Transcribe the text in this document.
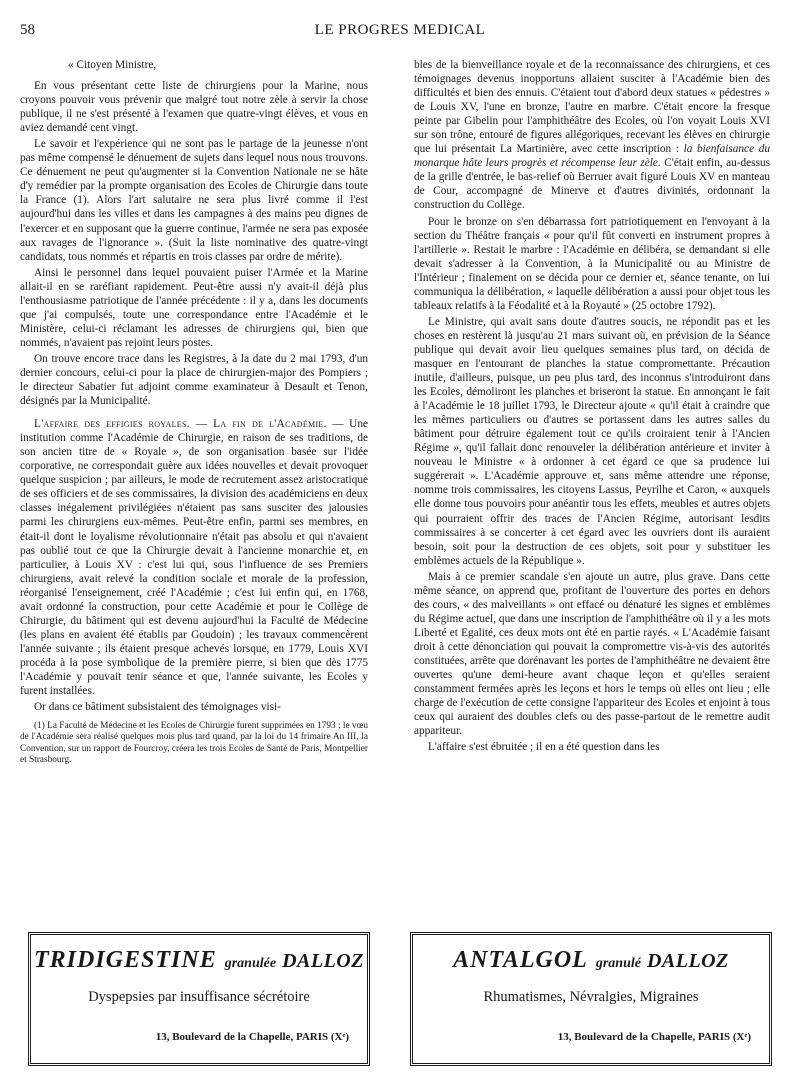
58	LE PROGRES MEDICAL

« Citoyen Ministre,

En vous présentant cette liste de chirurgiens pour la Marine, nous croyons pouvoir vous prévenir que malgré tout notre zèle à servir la chose publique, il ne s'est présenté à l'examen que quatre-vingt élèves, et vous en aviez demandé cent vingt.

Le savoir et l'expérience qui ne sont pas le partage de la jeunesse n'ont pas même compensé le dénuement de sujets dans lequel nous nous trouvons. Ce dénuement ne peut qu'augmenter si la Convention Nationale ne se hâte d'y remédier par la prompte organisation des Ecoles de Chirurgie dans toute la France (1). Alors l'art salutaire ne sera plus livré comme il l'est aujourd'hui dans les villes et dans les campagnes à des mains peu dignes de l'exercer et en supposant que la guerre continue, l'armée ne sera pas exposée aux ravages de l'ignorance ». (Suit la liste nominative des quatre-vingt candidats, tous nommés et répartis en trois classes par ordre de mérite).

Ainsi le personnel dans lequel pouvaient puiser l'Armée et la Marine allait-il en se raréfiant rapidement. Peut-être aussi n'y avait-il déjà plus l'enthousiasme patriotique de l'année précédente : il y a, dans les documents que j'ai compulsés, toute une correspondance entre l'Académie et le Ministère, celui-ci réclamant les adresses de chirurgiens qui, bien que nommés, n'avaient pas rejoint leurs postes.

On trouve encore trace dans les Registres, à la date du 2 mai 1793, d'un dernier concours, celui-ci pour la place de chirurgien-major des Pompiers ; le directeur Sabatier fut adjoint comme examinateur à Desault et Tenon, désignés par la Municipalité.

L'affaire des effigies royales. — La fin de l'Académie. — Une institution comme l'Académie de Chirurgie, en raison de ses traditions, de son ancien titre de « Royale », de son organisation basée sur l'idée corporative, ne correspondait guère aux idées nouvelles et devait provoquer quelque suspicion ; par ailleurs, le mode de recrutement assez aristocratique de ses officiers et de ses commissaires, la division des académiciens en deux classes inégalement privilégiées n'étaient pas sans susciter des jalousies parmi les chirurgiens eux-mêmes. Peut-être enfin, parmi ses membres, en était-il dont le loyalisme révolutionnaire n'était pas absolu et qui n'avaient pas oublié tout ce que la Chirurgie devait à l'ancienne monarchie et, en particulier, à Louis XV : c'est lui qui, sous l'influence de ses Premiers chirurgiens, avait relevé la condition sociale et morale de la profession, réorganisé l'enseignement, créé l'Académie ; c'est lui enfin qui, en 1768, avait ordonné la construction, pour cette Académie et pour le Collège de Chirurgie, du bâtiment qui est devenu aujourd'hui la Faculté de Médecine (les plans en avaient été établis par Goudoin) ; les travaux commencèrent l'année suivante ; ils étaient presque achevés lorsque, en 1779, Louis XVI procéda à la pose symbolique de la première pierre, si bien que dès 1775 l'Académie y pouvait tenir séance et que, l'année suivante, les Ecoles y furent installées.

Or dans ce bâtiment subsistaient des témoignages visi-

(1) La Faculté de Médecine et les Ecoles de Chirurgie furent supprimées en 1793 ; le vœu de l'Académie sera réalisé quelques mois plus tard quand, par la loi du 14 frimaire An III, la Convention, sur un rapport de Fourcroy, créera les trois Ecoles de Santé de Paris, Montpellier et Strasbourg.

bles de la bienveillance royale et de la reconnaissance des chirurgiens, et ces témoignages devenus inopportuns allaient susciter à l'Académie bien des difficultés et bien des ennuis. C'étaient tout d'abord deux statues « pédestres » de Louis XV, l'une en bronze, l'autre en marbre. C'était encore la fresque peinte par Gibelin pour l'amphithéâtre des Ecoles, où l'on voyait Louis XVI sur son trône, entouré de figures allégoriques, recevant les élèves en chirurgie que lui présentait La Martinière, avec cette inscription : la bienfaisance du monarque hâte leurs progrès et récompense leur zèle. C'était enfin, au-dessus de la grille d'entrée, le bas-relief où Berruer avait figuré Louis XV en manteau de Cour, accompagné de Minerve et d'autres divinités, ordonnant la construction du Collège.

Pour le bronze on s'en débarrassa fort patriotiquement en l'envoyant à la section du Théâtre français « pour qu'il fût converti en instrument propres à l'artillerie ». Restait le marbre : l'Académie en délibéra, se demandant si elle devait s'adresser à la Convention, à la Municipalité ou au Ministre de l'Intérieur ; finalement on se décida pour ce dernier et, séance tenante, on lui communiqua la délibération, « laquelle délibération a aussi pour objet tous les tableaux relatifs à la Féodalité et à la Royauté » (25 octobre 1792).

Le Ministre, qui avait sans doute d'autres soucis, ne répondit pas et les choses en restèrent là jusqu'au 21 mars suivant où, en prévision de la Séance publique qui devait avoir lieu quelques semaines plus tard, on décida de masquer en l'entourant de planches la statue compromettante. Précaution inutile, d'ailleurs, puisque, un peu plus tard, des inconnus s'introduiront dans les Ecoles, démoliront les planches et briseront la statue. En annonçant le fait à l'Académie le 18 juillet 1793, le Directeur ajoute « qu'il était à craindre que les mêmes particuliers ou d'autres se portassent dans les autres salles du bâtiment pour détruire également tout ce qu'ils croiraient tenir à l'Ancien Régime », qu'il fallait donc renouveler la délibération antérieure et inviter à nouveau le Ministre « à ordonner à cet égard ce que sa prudence lui suggérerait ». L'Académie approuve et, sans même attendre une réponse, nomme trois commissaires, les citoyens Lassus, Peyrilhe et Caron, « auxquels elle donne tous pouvoirs pour anéantir tous les effets, meubles et autres objets qui pourraient offrir des traces de l'Ancien Régime, autorisant lesdits commissaires à se concerter à cet égard avec les ouvriers dont ils auraient besoin, soit pour la destruction de ces objets, soit pour y substituer les emblèmes actuels de la République ».

Mais à ce premier scandale s'en ajoute un autre, plus grave. Dans cette même séance, on apprend que, profitant de l'ouverture des portes en dehors des cours, « des malveillants » ont effacé ou dénaturé les signes et emblèmes du Régime actuel, que dans une inscription de l'amphithéâtre où il y a les mots Liberté et Egalité, ces deux mots ont été en partie rayés. « L'Académie faisant droit à cette dénonciation qui pouvait la compromettre vis-à-vis des autorités constituées, arrête que dorénavant les portes de l'amphithéâtre ne devaient être ouvertes qu'une demi-heure avant chaque leçon et qu'elles seraient constamment fermées après les leçons et hors le temps où elles ont lieu ; elle charge de l'exécution de cette consigne l'appariteur des Ecoles et enjoint à tous ceux qui auraient des doubles clefs ou des passe-partout de le remettre audit appariteur.

L'affaire s'est ébruitée ; il en a été question dans les

TRIDIGESTINE granulée DALLOZ
Dyspepsies par insuffisance sécrétoire
13, Boulevard de la Chapelle, PARIS (Xᵉ)
ANTALGOL granulé DALLOZ
Rhumatismes, Névralgies, Migraines
13, Boulevard de la Chapelle, PARIS (Xᵉ)
